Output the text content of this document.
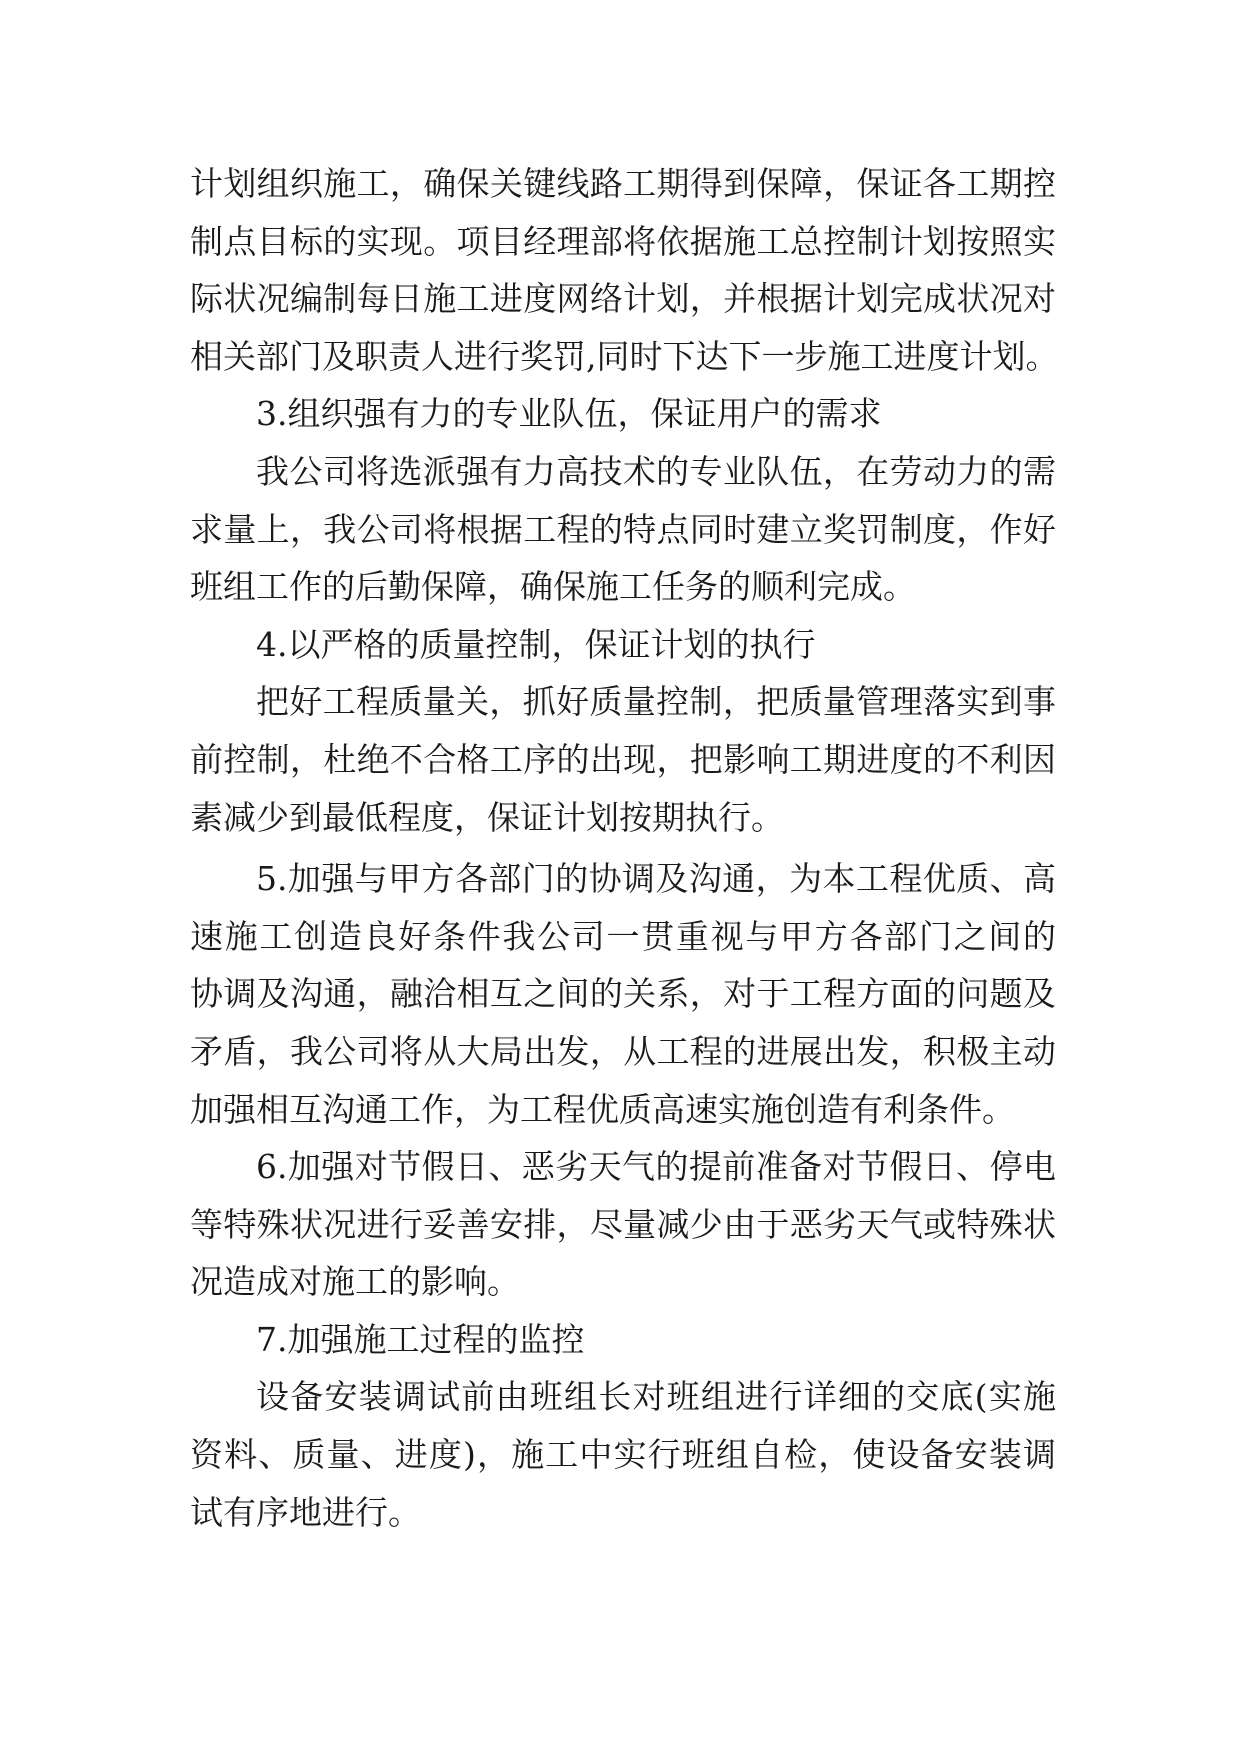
计划组织施工，确保关键线路工期得到保障，保证各工期控
制点目标的实现。项目经理部将依据施工总控制计划按照实
际状况编制每日施工进度网络计划，并根据计划完成状况对
相关部门及职责人进行奖罚,同时下达下一步施工进度计划。
3.组织强有力的专业队伍，保证用户的需求
我公司将选派强有力高技术的专业队伍，在劳动力的需
求量上，我公司将根据工程的特点同时建立奖罚制度，作好
班组工作的后勤保障，确保施工任务的顺利完成。
4.以严格的质量控制，保证计划的执行
把好工程质量关，抓好质量控制，把质量管理落实到事
前控制，杜绝不合格工序的出现，把影响工期进度的不利因
素减少到最低程度，保证计划按期执行。
5.加强与甲方各部门的协调及沟通，为本工程优质、高
速施工创造良好条件我公司一贯重视与甲方各部门之间的
协调及沟通，融洽相互之间的关系，对于工程方面的问题及
矛盾，我公司将从大局出发，从工程的进展出发，积极主动
加强相互沟通工作，为工程优质高速实施创造有利条件。
6.加强对节假日、恶劣天气的提前准备对节假日、停电
等特殊状况进行妥善安排，尽量减少由于恶劣天气或特殊状
况造成对施工的影响。
7.加强施工过程的监控
设备安装调试前由班组长对班组进行详细的交底(实施
资料、质量、进度)，施工中实行班组自检，使设备安装调
试有序地进行。
